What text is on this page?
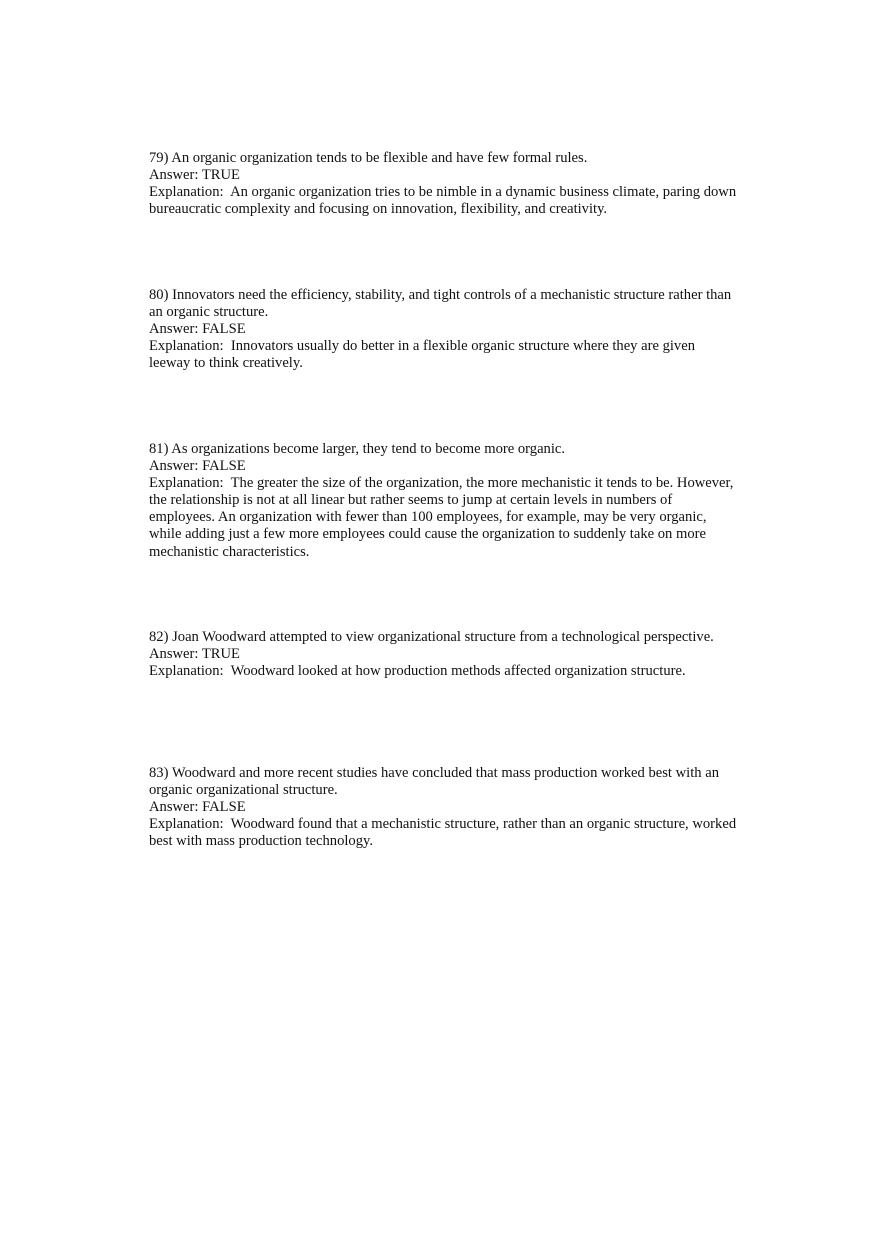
79) An organic organization tends to be flexible and have few formal rules.

Answer: TRUE

Explanation:  An organic organization tries to be nimble in a dynamic business climate, paring down bureaucratic complexity and focusing on innovation, flexibility, and creativity.

80) Innovators need the efficiency, stability, and tight controls of a mechanistic structure rather than an organic structure.

Answer: FALSE

Explanation:  Innovators usually do better in a flexible organic structure where they are given leeway to think creatively.

81) As organizations become larger, they tend to become more organic.

Answer: FALSE

Explanation:  The greater the size of the organization, the more mechanistic it tends to be. However, the relationship is not at all linear but rather seems to jump at certain levels in numbers of employees. An organization with fewer than 100 employees, for example, may be very organic, while adding just a few more employees could cause the organization to suddenly take on more mechanistic characteristics.

82) Joan Woodward attempted to view organizational structure from a technological perspective.

Answer: TRUE

Explanation:  Woodward looked at how production methods affected organization structure.

83) Woodward and more recent studies have concluded that mass production worked best with an organic organizational structure.

Answer: FALSE

Explanation:  Woodward found that a mechanistic structure, rather than an organic structure, worked best with mass production technology.
